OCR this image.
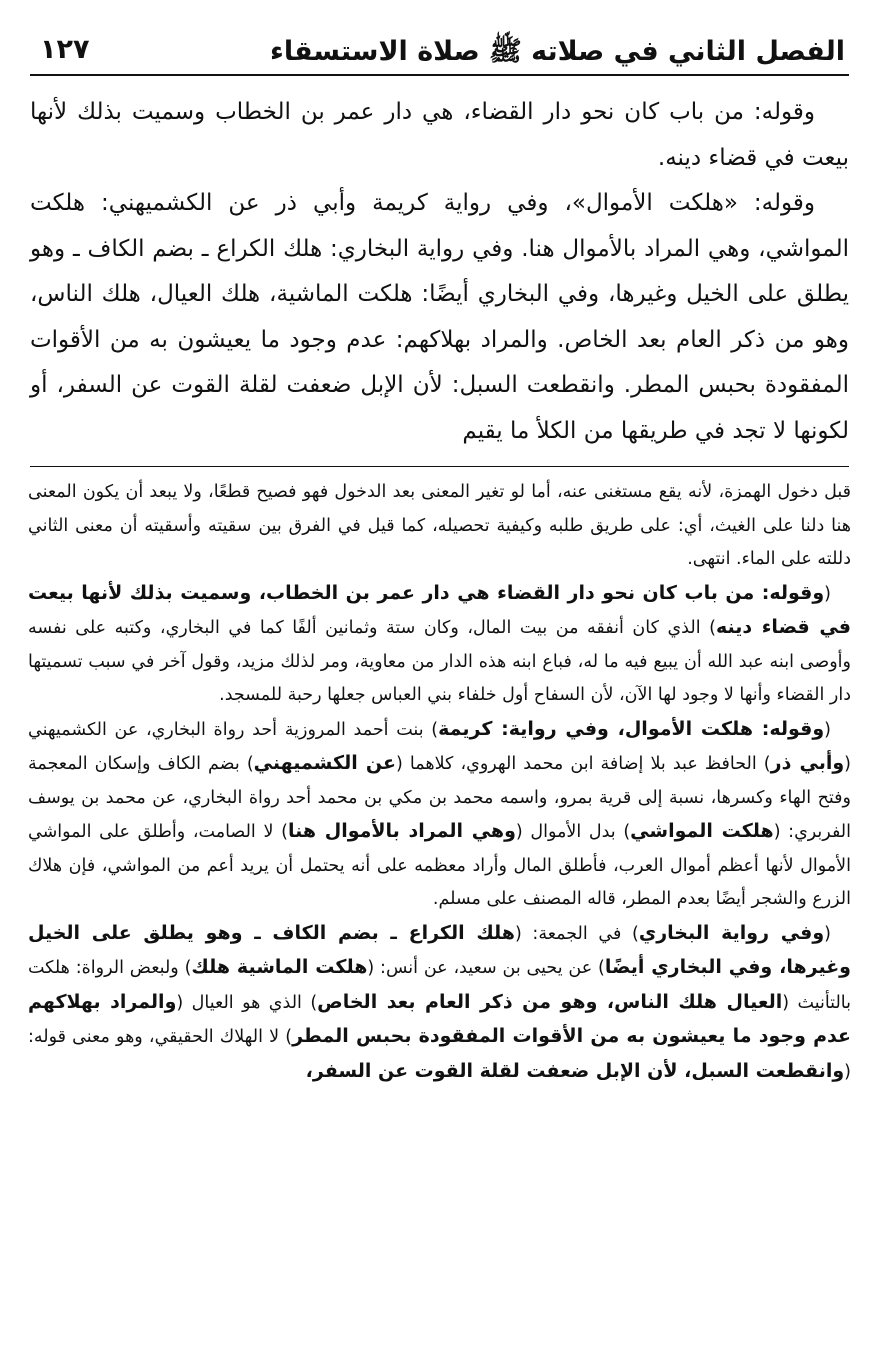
الفصل الثاني في صلاته ﷺ صلاة الاستسقاء
١٢٧

وقوله: من باب كان نحو دار القضاء، هي دار عمر بن الخطاب وسميت بذلك لأنها بيعت في قضاء دينه.

وقوله: «هلكت الأموال»، وفي رواية كريمة وأبي ذر عن الكشميهني: هلكت المواشي، وهي المراد بالأموال هنا. وفي رواية البخاري: هلك الكراع ـ بضم الكاف ـ وهو يطلق على الخيل وغيرها، وفي البخاري أيضًا: هلكت الماشية، هلك العيال، هلك الناس، وهو من ذكر العام بعد الخاص. والمراد بهلاكهم: عدم وجود ما يعيشون به من الأقوات المفقودة بحبس المطر. وانقطعت السبل: لأن الإبل ضعفت لقلة القوت عن السفر، أو لكونها لا تجد في طريقها من الكلأ ما يقيم

قبل دخول الهمزة، لأنه يقع مستغنى عنه، أما لو تغير المعنى بعد الدخول فهو فصيح قطعًا، ولا يبعد أن يكون المعنى هنا دلنا على الغيث، أي: على طريق طلبه وكيفية تحصيله، كما قيل في الفرق بين سقيته وأسقيته أن معنى الثاني دللته على الماء. انتهى.

(وقوله: من باب كان نحو دار القضاء هي دار عمر بن الخطاب، وسميت بذلك لأنها بيعت في قضاء دينه) الذي كان أنفقه من بيت المال، وكان ستة وثمانين ألفًا كما في البخاري، وكتبه على نفسه وأوصى ابنه عبد الله أن يبيع فيه ما له، فباع ابنه هذه الدار من معاوية، ومر لذلك مزيد، وقول آخر في سبب تسميتها دار القضاء وأنها لا وجود لها الآن، لأن السفاح أول خلفاء بني العباس جعلها رحبة للمسجد.

(وقوله: هلكت الأموال، وفي رواية: كريمة) بنت أحمد المروزية أحد رواة البخاري، عن الكشميهني (وأبي ذر) الحافظ عبد بلا إضافة ابن محمد الهروي، كلاهما (عن الكشميهني) بضم الكاف وإسكان المعجمة وفتح الهاء وكسرها، نسبة إلى قرية بمرو، واسمه محمد بن مكي بن محمد أحد رواة البخاري، عن محمد بن يوسف الفربري: (هلكت المواشي) بدل الأموال (وهي المراد بالأموال هنا) لا الصامت، وأطلق على المواشي الأموال لأنها أعظم أموال العرب، فأطلق المال وأراد معظمه على أنه يحتمل أن يريد أعم من المواشي، فإن هلاك الزرع والشجر أيضًا بعدم المطر، قاله المصنف على مسلم.

(وفي رواية البخاري) في الجمعة: (هلك الكراع ـ بضم الكاف ـ وهو يطلق على الخيل وغيرها، وفي البخاري أيضًا) عن يحيى بن سعيد، عن أنس: (هلكت الماشية هلك) ولبعض الرواة: هلكت بالتأنيث (العيال هلك الناس، وهو من ذكر العام بعد الخاص) الذي هو العيال (والمراد بهلاكهم عدم وجود ما يعيشون به من الأقوات المفقودة بحبس المطر) لا الهلاك الحقيقي، وهو معنى قوله: (وانقطعت السبل، لأن الإبل ضعفت لقلة القوت عن السفر،
